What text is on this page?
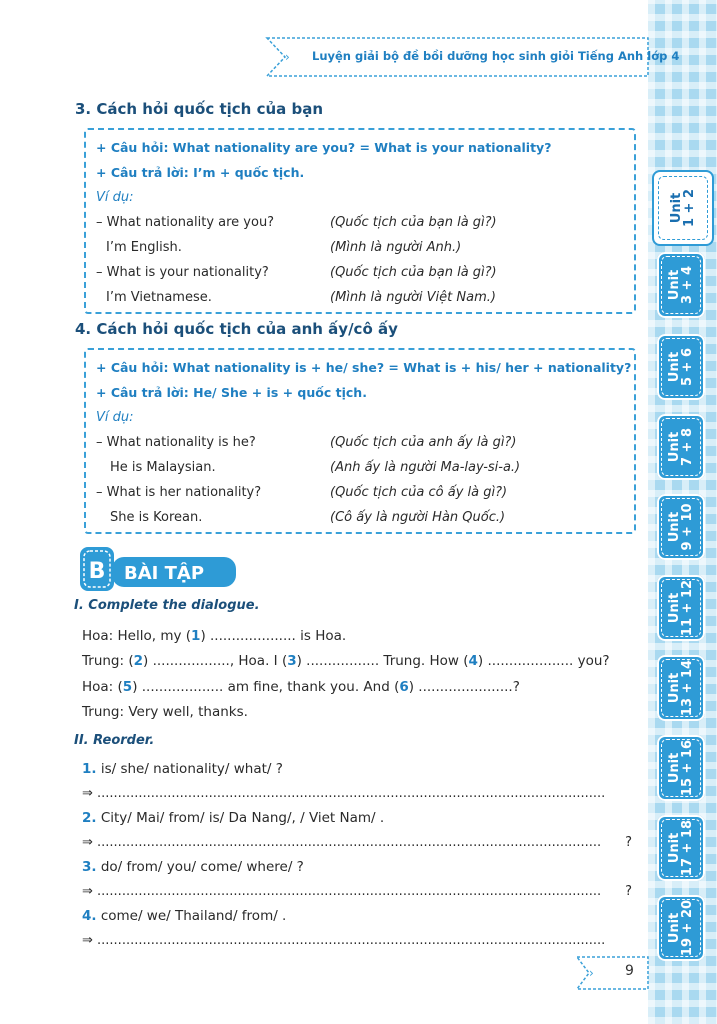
Unit
1 + 2
Unit
3 + 4
Unit
5 + 6
Unit
7 + 8
Unit
9 + 10
Unit
11 + 12
Unit
13 + 14
Unit
15 + 16
Unit
17 + 18
Unit
19 + 20
› Luyện giải bộ đề bồi dưỡng học sinh giỏi Tiếng Anh lớp 4
3. Cách hỏi quốc tịch của bạn
+ Câu hỏi: What nationality are you? = What is your nationality?
+ Câu trả lời: I’m + quốc tịch.
Ví dụ:
– What nationality are you?	(Quốc tịch của bạn là gì?)
I’m English.	(Mình là người Anh.)
– What is your nationality?	(Quốc tịch của bạn là gì?)
I’m Vietnamese.	(Mình là người Việt Nam.)
4. Cách hỏi quốc tịch của anh ấy/cô ấy
+ Câu hỏi: What nationality is + he/ she? = What is + his/ her + nationality?
+ Câu trả lời: He/ She + is + quốc tịch.
Ví dụ:
– What nationality is he?	(Quốc tịch của anh ấy là gì?)
He is Malaysian.	(Anh ấy là người Ma-lay-si-a.)
– What is her nationality?	(Quốc tịch của cô ấy là gì?)
She is Korean.	(Cô ấy là người Hàn Quốc.)
B BÀI TẬP
I. Complete the dialogue.
Hoa: Hello, my (1) .................... is Hoa.
Trung: (2) .................., Hoa. I (3) ................. Trung. How (4) .................... you?
Hoa: (5) ................... am fine, thank you. And (6) ......................?
Trung: Very well, thanks.
II. Reorder.
1. is/ she/ nationality/ what/ ?
⇒ ...........................................................................................................................
2. City/ Mai/ from/ is/ Da Nang/, / Viet Nam/ .
⇒ .......................................................................................................................... ?
3. do/ from/ you/ come/ where/ ?
⇒ .......................................................................................................................... ?
4. come/ we/ Thailand/ from/ .
⇒ ...........................................................................................................................
› 9
